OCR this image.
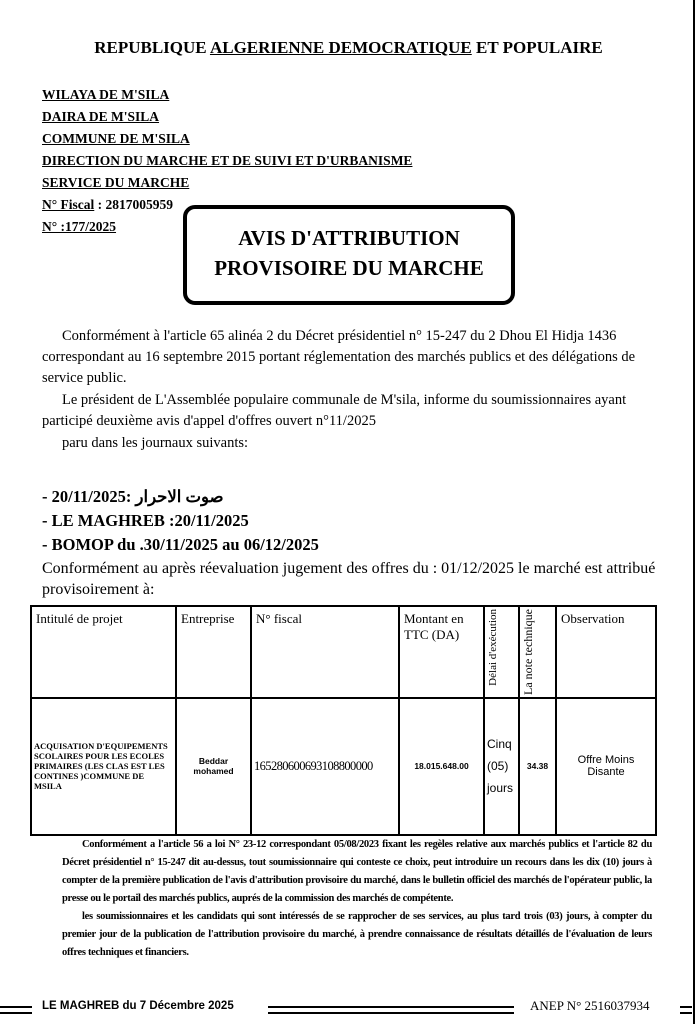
REPUBLIQUE ALGERIENNE DEMOCRATIQUE ET POPULAIRE
WILAYA DE M'SILA
DAIRA DE M'SILA
COMMUNE DE M'SILA
DIRECTION DU MARCHE ET DE SUIVI ET D'URBANISME
SERVICE DU MARCHE
N° Fiscal : 2817005959
N° :177/2025	AVIS D'ATTRIBUTION
PROVISOIRE DU MARCHE
Conformément à l'article 65 alinéa 2 du Décret présidentiel n° 15-247 du 2 Dhou El Hidja 1436 correspondant au 16 septembre 2015 portant réglementation des marchés publics et des délégations de service public.
Le président de L'Assemblée populaire communale de M'sila, informe du soumissionnaires ayant participé deuxième avis d'appel d'offres ouvert n°11/2025
paru dans les journaux suivants:
- صوت الاحرار :20/11/2025
- LE MAGHREB :20/11/2025
- BOMOP du .30/11/2025 au 06/12/2025
Conformément au après réevaluation jugement des offres du : 01/12/2025 le marché est attribué provisoirement à:
Intitulé de projet	Entreprise	N° fiscal	Montant en TTC (DA)	Délai d'exécution	La note technique	Observation
ACQUISATION D'EQUIPEMENTS SCOLAIRES POUR LES ECOLES PRIMAIRES (LES CLAS EST LES CONTINES )COMMUNE DE MSILA	Beddar mohamed	165280600693108800000	18.015.648.00	Cinq (05) jours	34.38	Offre Moins Disante
Conformément a l'article 56 a loi N° 23-12 correspondant 05/08/2023 fixant les regèles relative aux marchés publics et l'article 82 du Décret présidentiel n° 15-247 dit au-dessus, tout soumissionnaire qui conteste ce choix, peut introduire un recours dans les dix (10) jours à compter de la première publication de l'avis d'attribution provisoire du marché, dans le bulletin officiel des marchés de l'opérateur public, la presse ou le portail des marchés publics, auprés de la commission des marchés de compétente.
les soumissionnaires et les candidats qui sont intéressés de se rapprocher de ses services, au plus tard trois (03) jours, à compter du premier jour de la publication de l'attribution provisoire du marché, à prendre connaissance de résultats détaillés de l'évaluation de leurs offres techniques et financiers.
LE MAGHREB du 7 Décembre 2025	ANEP N° 2516037934
